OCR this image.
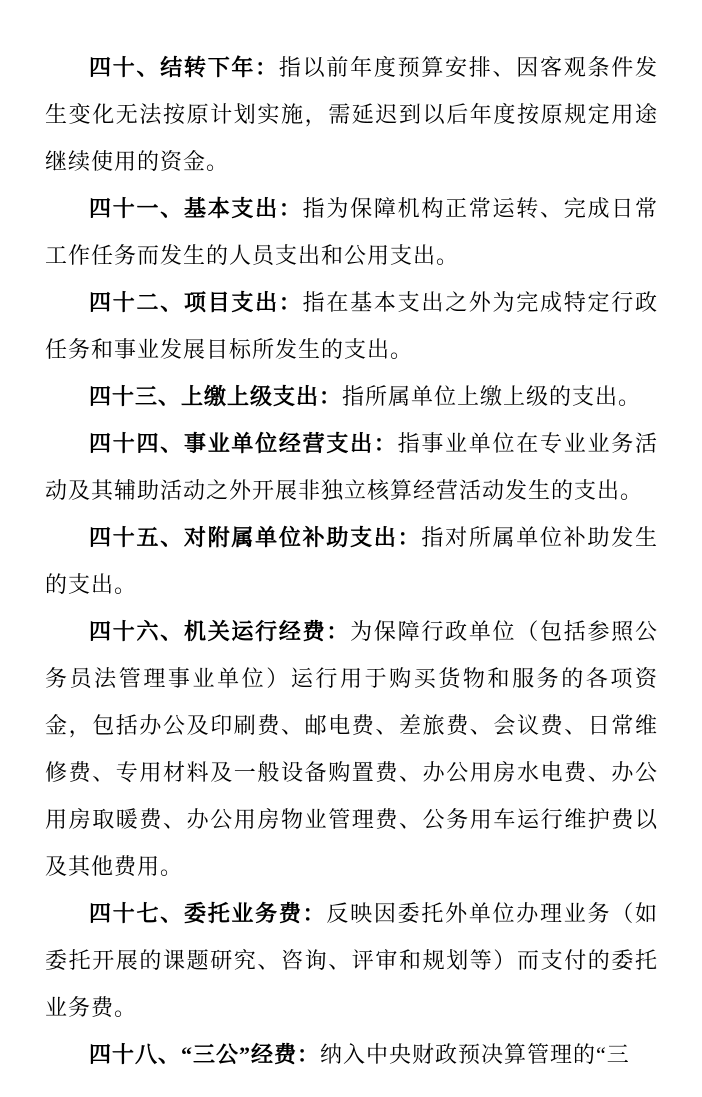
四十、结转下年：指以前年度预算安排、因客观条件发生变化无法按原计划实施，需延迟到以后年度按原规定用途继续使用的资金。

四十一、基本支出：指为保障机构正常运转、完成日常工作任务而发生的人员支出和公用支出。

四十二、项目支出：指在基本支出之外为完成特定行政任务和事业发展目标所发生的支出。

四十三、上缴上级支出：指所属单位上缴上级的支出。

四十四、事业单位经营支出：指事业单位在专业业务活动及其辅助活动之外开展非独立核算经营活动发生的支出。

四十五、对附属单位补助支出：指对所属单位补助发生的支出。

四十六、机关运行经费：为保障行政单位（包括参照公务员法管理事业单位）运行用于购买货物和服务的各项资金，包括办公及印刷费、邮电费、差旅费、会议费、日常维修费、专用材料及一般设备购置费、办公用房水电费、办公用房取暖费、办公用房物业管理费、公务用车运行维护费以及其他费用。

四十七、委托业务费：反映因委托外单位办理业务（如委托开展的课题研究、咨询、评审和规划等）而支付的委托业务费。

四十八、“三公”经费：纳入中央财政预决算管理的“三
